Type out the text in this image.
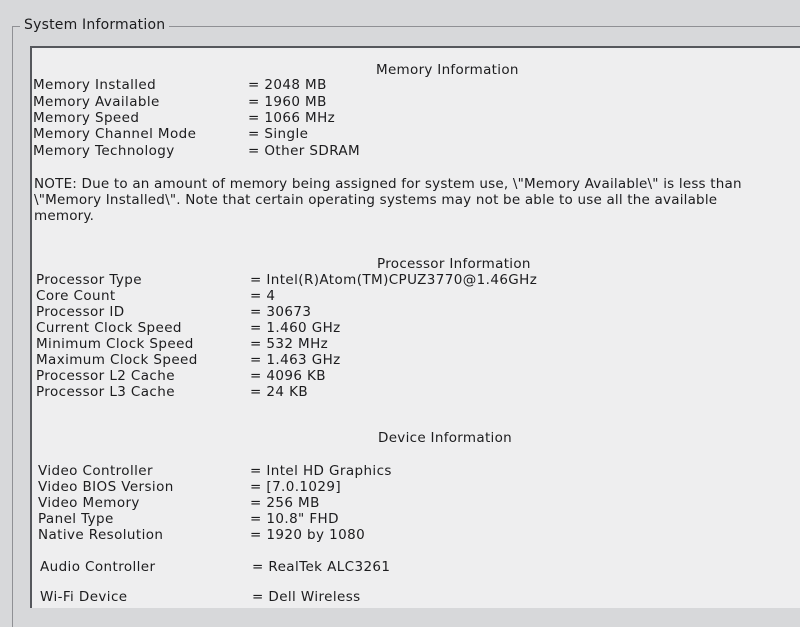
System Information
Memory Information
Memory Installed	= 2048 MB
Memory Available	= 1960 MB
Memory Speed	= 1066 MHz
Memory Channel Mode	= Single
Memory Technology	= Other SDRAM
NOTE: Due to an amount of memory being assigned for system use, \"Memory Available\" is less than \"Memory Installed\". Note that certain operating systems may not be able to use all the available memory.
Processor Information
Processor Type	= Intel(R)Atom(TM)CPUZ3770@1.46GHz
Core Count	= 4
Processor ID	= 30673
Current Clock Speed	= 1.460 GHz
Minimum Clock Speed	= 532 MHz
Maximum Clock Speed	= 1.463 GHz
Processor L2 Cache	= 4096 KB
Processor L3 Cache	= 24 KB
Device Information
Video Controller	= Intel HD Graphics
Video BIOS Version	= [7.0.1029]
Video Memory	= 256 MB
Panel Type	= 10.8" FHD
Native Resolution	= 1920 by 1080
Audio Controller	= RealTek ALC3261
Wi-Fi Device	= Dell Wireless
